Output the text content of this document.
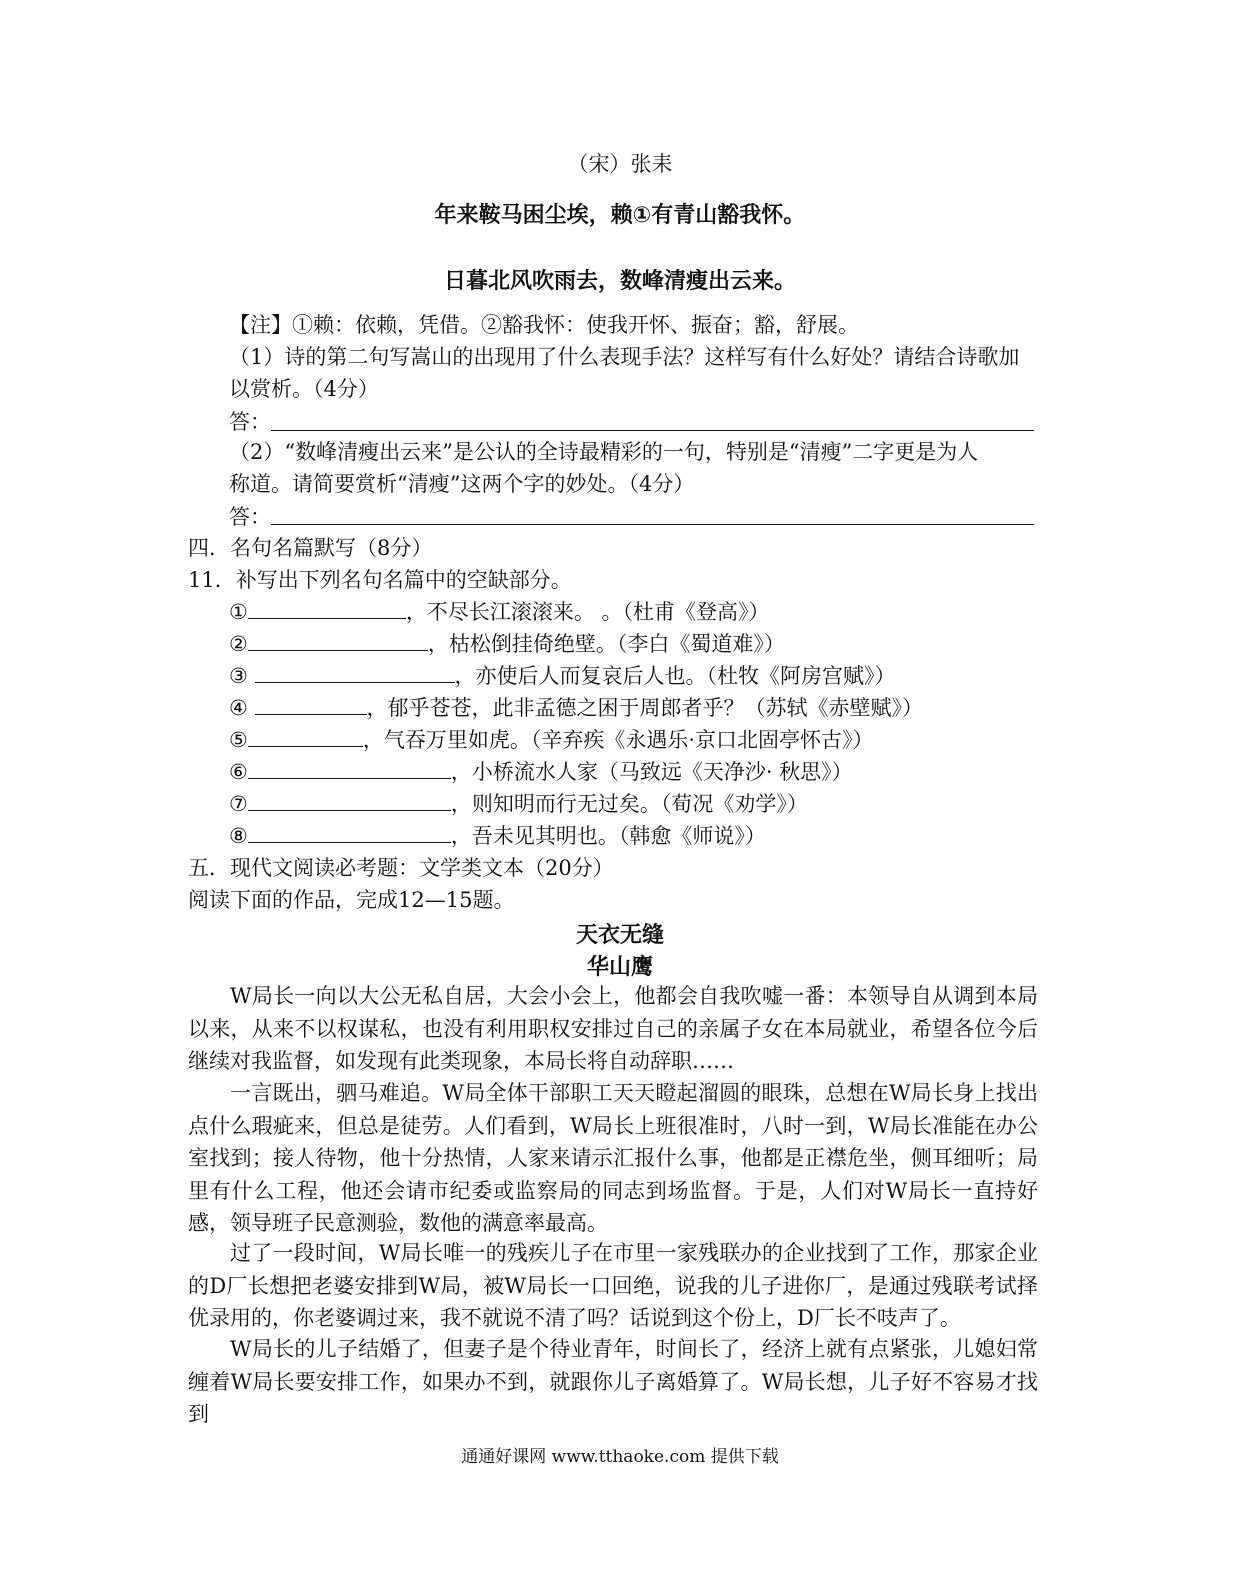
（宋）张耒
年来鞍马困尘埃，赖①有青山豁我怀。
日暮北风吹雨去，数峰清瘦出云来。
【注】①赖：依赖，凭借。②豁我怀：使我开怀、振奋；豁，舒展。
（1）诗的第二句写嵩山的出现用了什么表现手法？这样写有什么好处？请结合诗歌加
以赏析。（4分）
答：
（2）“数峰清瘦出云来”是公认的全诗最精彩的一句，特别是“清瘦”二字更是为人
称道。请简要赏析“清瘦”这两个字的妙处。（4分）
答：
四．名句名篇默写（8分）
11．补写出下列名句名篇中的空缺部分。
①	，不尽长江滚滚来。 。（杜甫《登高》）
②	，枯松倒挂倚绝壁。（李白《蜀道难》）
③	，亦使后人而复哀后人也。（杜牧《阿房宫赋》）
④	，郁乎苍苍，此非孟德之困于周郎者乎？（苏轼《赤壁赋》）
⑤	，气吞万里如虎。（辛弃疾《永遇乐·京口北固亭怀古》）
⑥	，小桥流水人家（马致远《天净沙· 秋思》）
⑦	，则知明而行无过矣。（荀况《劝学》）
⑧	，吾未见其明也。（韩愈《师说》）
五．现代文阅读必考题：文学类文本（20分）
阅读下面的作品，完成12—15题。
天衣无缝
华山鹰
W局长一向以大公无私自居，大会小会上，他都会自我吹嘘一番：本领导自从调到本局以来，从来不以权谋私，也没有利用职权安排过自己的亲属子女在本局就业，希望各位今后继续对我监督，如发现有此类现象，本局长将自动辞职……
一言既出，驷马难追。W局全体干部职工天天瞪起溜圆的眼珠，总想在W局长身上找出点什么瑕疵来，但总是徒劳。人们看到，W局长上班很准时，八时一到，W局长准能在办公室找到；接人待物，他十分热情，人家来请示汇报什么事，他都是正襟危坐，侧耳细听；局里有什么工程，他还会请市纪委或监察局的同志到场监督。于是，人们对W局长一直持好感，领导班子民意测验，数他的满意率最高。
过了一段时间，W局长唯一的残疾儿子在市里一家残联办的企业找到了工作，那家企业的D厂长想把老婆安排到W局，被W局长一口回绝，说我的儿子进你厂，是通过残联考试择优录用的，你老婆调过来，我不就说不清了吗？话说到这个份上，D厂长不吱声了。
W局长的儿子结婚了，但妻子是个待业青年，时间长了，经济上就有点紧张，儿媳妇常缠着W局长要安排工作，如果办不到，就跟你儿子离婚算了。W局长想，儿子好不容易才找到
通通好课网 www.tthaoke.com 提供下载
